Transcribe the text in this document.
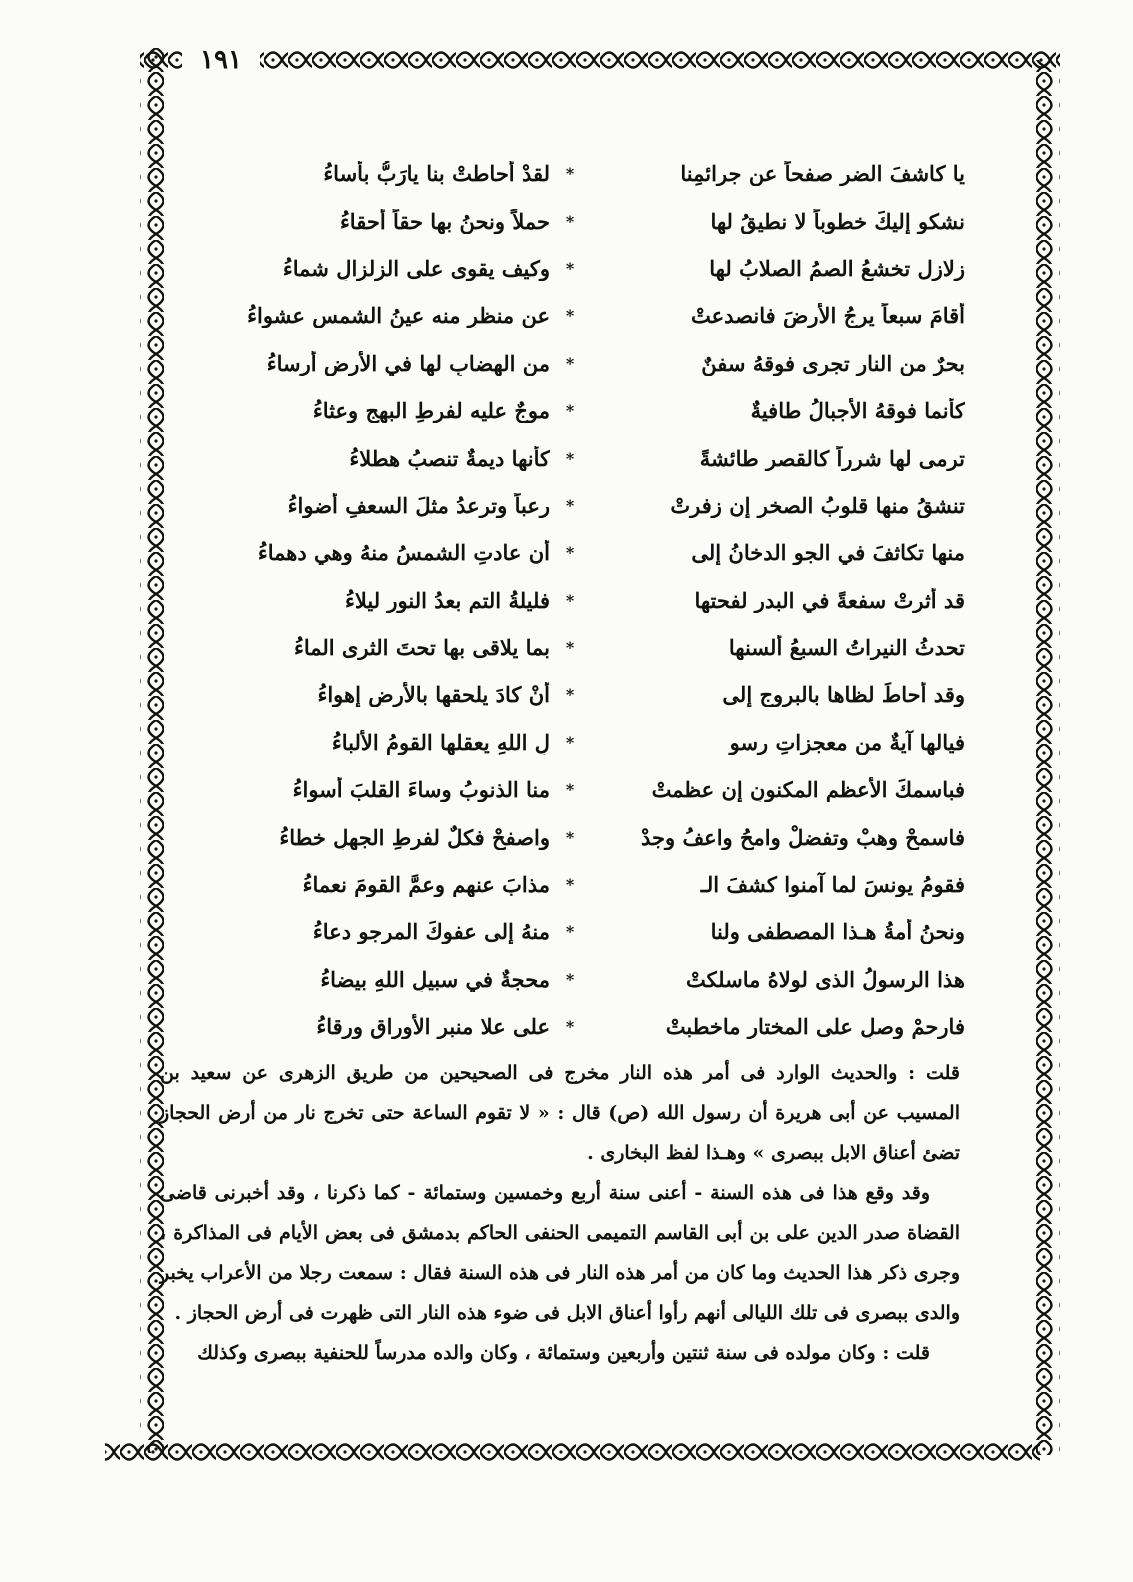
١٩١
يا كاشفَ الضرِ صفحاً عن جرائمِنا
*
لقدْ أحاطتْ بنا يارَبُّ بأساءُ
نشكو إليكَ خطوباً لا نطيقُ لها
*
حملاً ونحنُ بها حقاً أحقاءُ
زلازل تخشعُ الصمُ الصلابُ لها
*
وكيف يقوى على الزلزالِ شماءُ
أقامَ سبعاً يرجُ الأرضَ فانصدعتْ
*
عن منظرٍ منه عينُ الشمسِ عشواءُ
بحرٌ من النارِ تجرى فوقهُ سفنٌ
*
من الهضابِ لها في الأرضِ أرساءُ
كأنما فوقهُ الأجبالُ طافيةٌ
*
موجٌ عليه لفرطِ البهجِ وعثاءُ
ترمى لها شرراً كالقصرِ طائشةً
*
كأنها ديمةٌ تنصبُ هطلاءُ
تنشقُ منها قلوبُ الصخرِ إن زفرتْ
*
رعباً وترعدُ مثلَ السعفِ أضواءُ
منها تكاثفَ في الجوِ الدخانُ إلى
*
أن عادتِ الشمسُ منهُ وهي دهماءُ
قد أثرتْ سفعةً في البدرِ لفحتها
*
فليلةُ التمِ بعدُ النورِ ليلاءُ
تحدثُ النيراتُ السبعُ ألسنها
*
بما يلاقى بها تحتَ الثرى الماءُ
وقد أحاطَ لظاها بالبروجِ إلى
*
أنْ كادَ يلحقها بالأرضِ إهواءُ
فيالها آيةٌ من معجزاتِ رسو
*
لِ اللهِ يعقلها القومُ الألباءُ
فباسمكَ الأعظمِ المكنونِ إن عظمتْ
*
منا الذنوبُ وساءَ القلبَ أسواءُ
فاسمحْ وهبْ وتفضلْ وامحُ واعفُ وجدْ
*
واصفحْ فكلٌ لفرطِ الجهلِ خطاءُ
فقومُ يونسَ لما آمنوا كشفَ الـ
*
مذابَ عنهم وعمَّ القومَ نعماءُ
ونحنُ أمةُ هـذا المصطفى ولنا
*
منهُ إلى عفوكَ المرجوِ دعاءُ
هذا الرسولُ الذى لولاهُ ماسلكتْ
*
محجةٌ في سبيلِ اللهِ بيضاءُ
فارحمْ وصلِ على المختارِ ماخطبتْ
*
على علا منبرِ الأوراقِ ورقاءُ

قلت : والحديث الوارد فى أمر هذه النار مخرج فى الصحيحين من طريق الزهرى عن سعيد بن المسيب عن أبى هريرة أن رسول الله (ص) قال : « لا تقوم الساعة حتى تخرج نار من أرض الحجاز تضئ أعناق الابل ببصرى » وهـذا لفظ البخارى .

وقد وقع هذا فى هذه السنة - أعنى سنة أربع وخمسين وستمائة - كما ذكرنا ، وقد أخبرنى قاضى القضاة صدر الدين على بن أبى القاسم التميمى الحنفى الحاكم بدمشق فى بعض الأيام فى المذاكرة ، وجرى ذكر هذا الحديث وما كان من أمر هذه النار فى هذه السنة فقال : سمعت رجلا من الأعراب يخبر والدى ببصرى فى تلك الليالى أنهم رأوا أعناق الابل فى ضوء هذه النار التى ظهرت فى أرض الحجاز .

قلت : وكان مولده فى سنة ثنتين وأربعين وستمائة ، وكان والده مدرساً للحنفية ببصرى وكذلك
